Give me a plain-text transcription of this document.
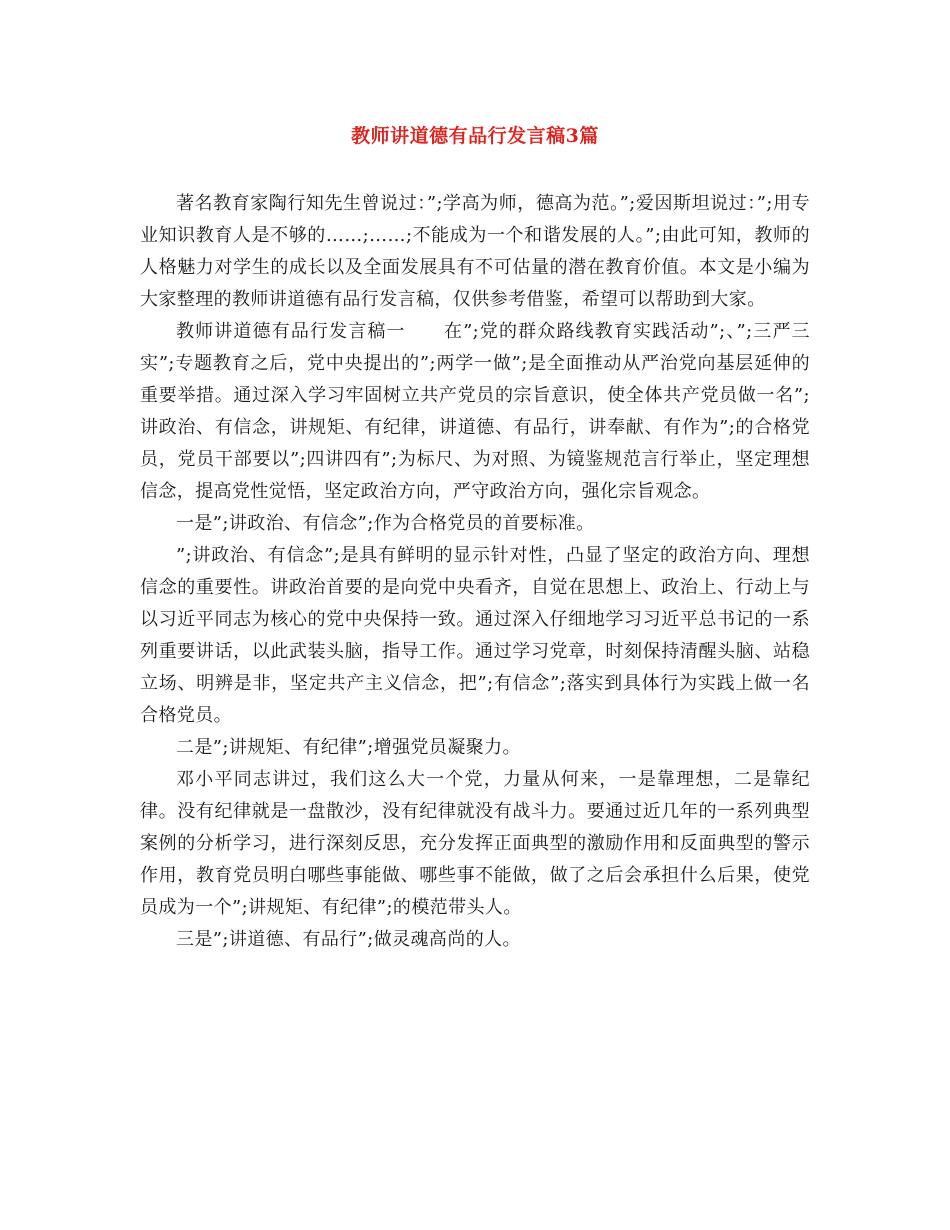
教师讲道德有品行发言稿3篇

著名教育家陶行知先生曾说过：”;学高为师，德高为范。”;爱因斯坦说过：”;用专业知识教育人是不够的……;……;不能成为一个和谐发展的人。”;由此可知，教师的人格魅力对学生的成长以及全面发展具有不可估量的潜在教育价值。本文是小编为大家整理的教师讲道德有品行发言稿，仅供参考借鉴，希望可以帮助到大家。

教师讲道德有品行发言稿一　　在”;党的群众路线教育实践活动”;、”;三严三实”;专题教育之后，党中央提出的”;两学一做”;是全面推动从严治党向基层延伸的重要举措。通过深入学习牢固树立共产党员的宗旨意识，使全体共产党员做一名”;讲政治、有信念，讲规矩、有纪律，讲道德、有品行，讲奉献、有作为”;的合格党员，党员干部要以”;四讲四有”;为标尺、为对照、为镜鉴规范言行举止，坚定理想信念，提高党性觉悟，坚定政治方向，严守政治方向，强化宗旨观念。

一是”;讲政治、有信念”;作为合格党员的首要标准。

”;讲政治、有信念”;是具有鲜明的显示针对性，凸显了坚定的政治方向、理想信念的重要性。讲政治首要的是向党中央看齐，自觉在思想上、政治上、行动上与以习近平同志为核心的党中央保持一致。通过深入仔细地学习习近平总书记的一系列重要讲话，以此武装头脑，指导工作。通过学习党章，时刻保持清醒头脑、站稳立场、明辨是非，坚定共产主义信念，把”;有信念”;落实到具体行为实践上做一名合格党员。

二是”;讲规矩、有纪律”;增强党员凝聚力。

邓小平同志讲过，我们这么大一个党，力量从何来，一是靠理想，二是靠纪律。没有纪律就是一盘散沙，没有纪律就没有战斗力。要通过近几年的一系列典型案例的分析学习，进行深刻反思，充分发挥正面典型的激励作用和反面典型的警示作用，教育党员明白哪些事能做、哪些事不能做，做了之后会承担什么后果，使党员成为一个”;讲规矩、有纪律”;的模范带头人。

三是”;讲道德、有品行”;做灵魂高尚的人。
